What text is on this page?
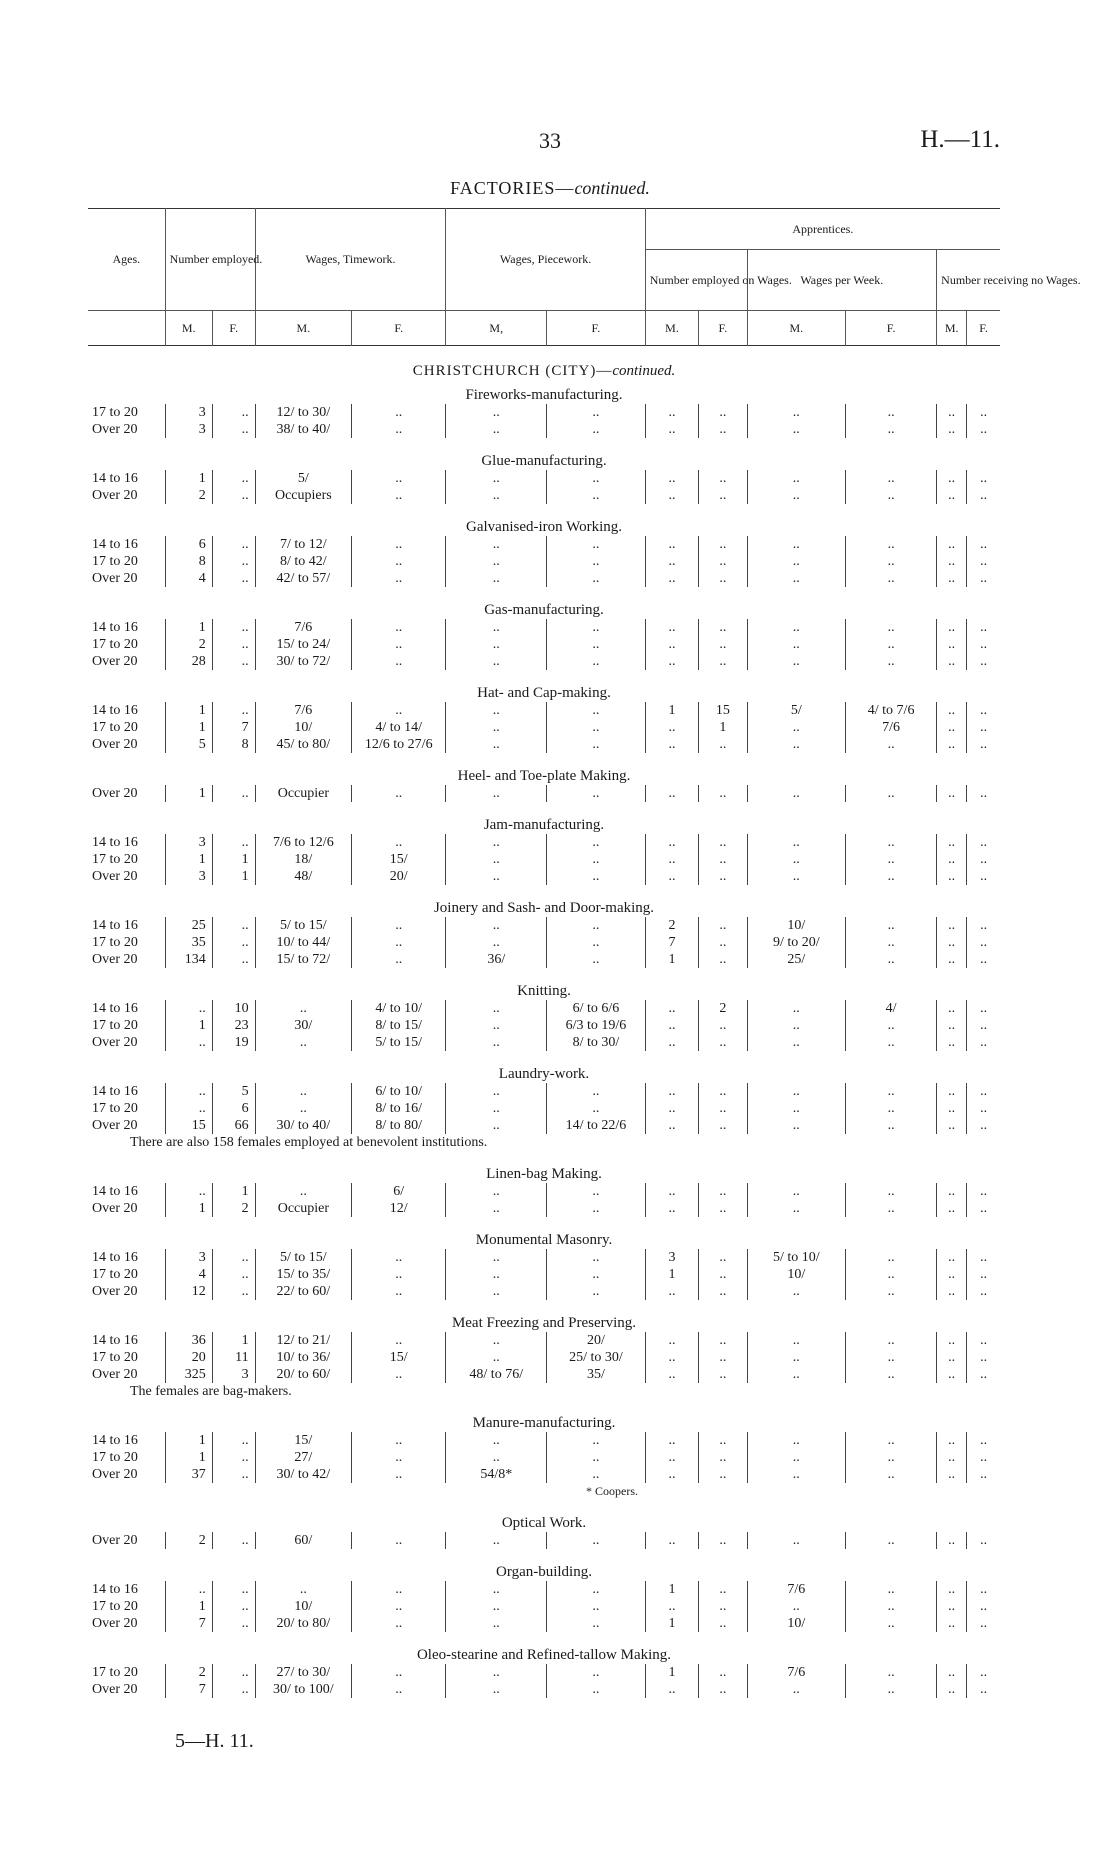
33	H.—11.
FACTORIES—continued.
Ages.	Number employed.		Wages, Timework.		Wages, Piecework.		Apprentices.					
							Number employed on Wages.		Wages per Week.		Number receiving no Wages.	
	M.	F.	M.	F.	M,	F.	M.	F.	M.	F.	M.	F.
CHRISTCHURCH (CITY)—continued.												
Fireworks-manufacturing.												
17 to 20	3	..	12/ to 30/	..	..	..	..	..	..	..	..	..
Over 20	3	..	38/ to 40/	..	..	..	..	..	..	..	..	..

Glue-manufacturing.												
14 to 16	1	..	5/	..	..	..	..	..	..	..	..	..
Over 20	2	..	Occupiers	..	..	..	..	..	..	..	..	..

Galvanised-iron Working.												
14 to 16	6	..	7/ to 12/	..	..	..	..	..	..	..	..	..
17 to 20	8	..	8/ to 42/	..	..	..	..	..	..	..	..	..
Over 20	4	..	42/ to 57/	..	..	..	..	..	..	..	..	..

Gas-manufacturing.												
14 to 16	1	..	7/6	..	..	..	..	..	..	..	..	..
17 to 20	2	..	15/ to 24/	..	..	..	..	..	..	..	..	..
Over 20	28	..	30/ to 72/	..	..	..	..	..	..	..	..	..

Hat- and Cap-making.												
14 to 16	1	..	7/6	..	..	..	1	15	5/	4/ to 7/6	..	..
17 to 20	1	7	10/	4/ to 14/	..	..	..	1	..	7/6	..	..
Over 20	5	8	45/ to 80/	12/6 to 27/6	..	..	..	..	..	..	..	..

Heel- and Toe-plate Making.												
Over 20	1	..	Occupier	..	..	..	..	..	..	..	..	..

Jam-manufacturing.												
14 to 16	3	..	7/6 to 12/6	..	..	..	..	..	..	..	..	..
17 to 20	1	1	18/	15/	..	..	..	..	..	..	..	..
Over 20	3	1	48/	20/	..	..	..	..	..	..	..	..

Joinery and Sash- and Door-making.												
14 to 16	25	..	5/ to 15/	..	..	..	2	..	10/	..	..	..
17 to 20	35	..	10/ to 44/	..	..	..	7	..	9/ to 20/	..	..	..
Over 20	134	..	15/ to 72/	..	36/	..	1	..	25/	..	..	..

Knitting.												
14 to 16	..	10	..	4/ to 10/	..	6/ to 6/6	..	2	..	4/	..	..
17 to 20	1	23	30/	8/ to 15/	..	6/3 to 19/6	..	..	..	..	..	..
Over 20	..	19	..	5/ to 15/	..	8/ to 30/	..	..	..	..	..	..

Laundry-work.												
14 to 16	..	5	..	6/ to 10/	..	..	..	..	..	..	..	..
17 to 20	..	6	..	8/ to 16/	..	..	..	..	..	..	..	..
Over 20	15	66	30/ to 40/	8/ to 80/	..	14/ to 22/6	..	..	..	..	..	..
There are also 158 females employed at benevolent institutions.												

Linen-bag Making.												
14 to 16	..	1	..	6/	..	..	..	..	..	..	..	..
Over 20	1	2	Occupier	12/	..	..	..	..	..	..	..	..

Monumental Masonry.												
14 to 16	3	..	5/ to 15/	..	..	..	3	..	5/ to 10/	..	..	..
17 to 20	4	..	15/ to 35/	..	..	..	1	..	10/	..	..	..
Over 20	12	..	22/ to 60/	..	..	..	..	..	..	..	..	..

Meat Freezing and Preserving.												
14 to 16	36	1	12/ to 21/	..	..	20/	..	..	..	..	..	..
17 to 20	20	11	10/ to 36/	15/	..	25/ to 30/	..	..	..	..	..	..
Over 20	325	3	20/ to 60/	..	48/ to 76/	35/	..	..	..	..	..	..
The females are bag-makers.												

Manure-manufacturing.												
14 to 16	1	..	15/	..	..	..	..	..	..	..	..	..
17 to 20	1	..	27/	..	..	..	..	..	..	..	..	..
Over 20	37	..	30/ to 42/	..	54/8*	..	..	..	..	..	..	..
* Coopers.												

Optical Work.												
Over 20	2	..	60/	..	..	..	..	..	..	..	..	..

Organ-building.												
14 to 16	..	..	..	..	..	..	1	..	7/6	..	..	..
17 to 20	1	..	10/	..	..	..	..	..	..	..	..	..
Over 20	7	..	20/ to 80/	..	..	..	1	..	10/	..	..	..

Oleo-stearine and Refined-tallow Making.												
17 to 20	2	..	27/ to 30/	..	..	..	1	..	7/6	..	..	..
Over 20	7	..	30/ to 100/	..	..	..	..	..	..	..	..	..

5—H. 11.
